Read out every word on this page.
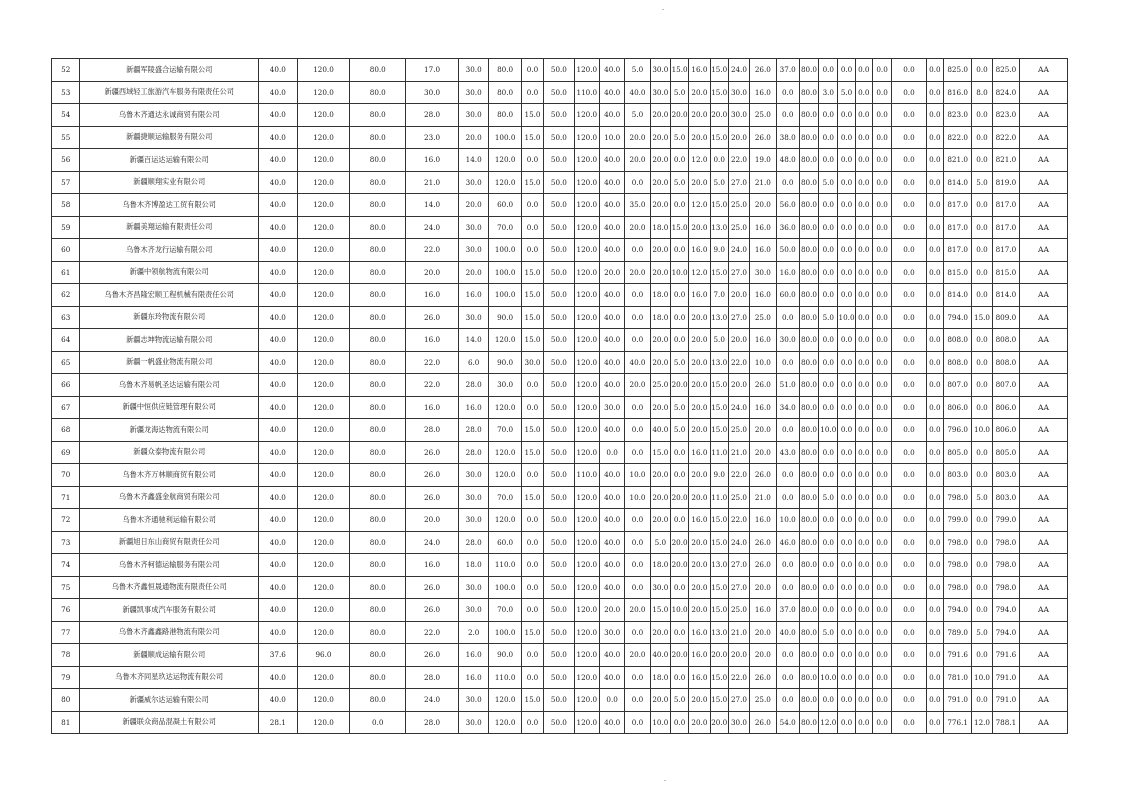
52	新疆军陵盛合运输有限公司	40.0	120.0	80.0	17.0	30.0	80.0	0.0	50.0	120.0	40.0	5.0	30.0	15.0	16.0	15.0	24.0	26.0	37.0	80.0	0.0	0.0	0.0	0.0	0.0	0.0	825.0	0.0	825.0	AA
53	新疆西域轻工旅游汽车服务有限责任公司	40.0	120.0	80.0	30.0	30.0	80.0	0.0	50.0	110.0	40.0	40.0	30.0	5.0	20.0	15.0	30.0	16.0	0.0	80.0	3.0	5.0	0.0	0.0	0.0	0.0	816.0	8.0	824.0	AA
54	乌鲁木齐通达永诚商贸有限公司	40.0	120.0	80.0	28.0	30.0	80.0	15.0	50.0	120.0	40.0	5.0	20.0	20.0	20.0	20.0	30.0	25.0	0.0	80.0	0.0	0.0	0.0	0.0	0.0	0.0	823.0	0.0	823.0	AA
55	新疆捷顺运输服务有限公司	40.0	120.0	80.0	23.0	20.0	100.0	15.0	50.0	120.0	10.0	20.0	20.0	5.0	20.0	15.0	20.0	26.0	38.0	80.0	0.0	0.0	0.0	0.0	0.0	0.0	822.0	0.0	822.0	AA
56	新疆百运达运输有限公司	40.0	120.0	80.0	16.0	14.0	120.0	0.0	50.0	120.0	40.0	20.0	20.0	0.0	12.0	0.0	22.0	19.0	48.0	80.0	0.0	0.0	0.0	0.0	0.0	0.0	821.0	0.0	821.0	AA
57	新疆顺翔实业有限公司	40.0	120.0	80.0	21.0	30.0	120.0	15.0	50.0	120.0	40.0	0.0	20.0	5.0	20.0	5.0	27.0	21.0	0.0	80.0	5.0	0.0	0.0	0.0	0.0	0.0	814.0	5.0	819.0	AA
58	乌鲁木齐博盈达工贸有限公司	40.0	120.0	80.0	14.0	20.0	60.0	0.0	50.0	120.0	40.0	35.0	20.0	0.0	12.0	15.0	25.0	20.0	56.0	80.0	0.0	0.0	0.0	0.0	0.0	0.0	817.0	0.0	817.0	AA
59	新疆美翔运输有限责任公司	40.0	120.0	80.0	24.0	30.0	70.0	0.0	50.0	120.0	40.0	20.0	18.0	15.0	20.0	13.0	25.0	16.0	36.0	80.0	0.0	0.0	0.0	0.0	0.0	0.0	817.0	0.0	817.0	AA
60	乌鲁木齐龙行运输有限公司	40.0	120.0	80.0	22.0	30.0	100.0	0.0	50.0	120.0	40.0	0.0	20.0	0.0	16.0	9.0	24.0	16.0	50.0	80.0	0.0	0.0	0.0	0.0	0.0	0.0	817.0	0.0	817.0	AA
61	新疆中领航物流有限公司	40.0	120.0	80.0	20.0	20.0	100.0	15.0	50.0	120.0	20.0	20.0	20.0	10.0	12.0	15.0	27.0	30.0	16.0	80.0	0.0	0.0	0.0	0.0	0.0	0.0	815.0	0.0	815.0	AA
62	乌鲁木齐昌隆宏顺工程机械有限责任公司	40.0	120.0	80.0	16.0	16.0	100.0	15.0	50.0	120.0	40.0	0.0	18.0	0.0	16.0	7.0	20.0	16.0	60.0	80.0	0.0	0.0	0.0	0.0	0.0	0.0	814.0	0.0	814.0	AA
63	新疆东玲物流有限公司	40.0	120.0	80.0	26.0	30.0	90.0	15.0	50.0	120.0	40.0	0.0	18.0	0.0	20.0	13.0	27.0	25.0	0.0	80.0	5.0	10.0	0.0	0.0	0.0	0.0	794.0	15.0	809.0	AA
64	新疆志坤物流运输有限公司	40.0	120.0	80.0	16.0	14.0	120.0	15.0	50.0	120.0	40.0	0.0	20.0	0.0	20.0	5.0	20.0	16.0	30.0	80.0	0.0	0.0	0.0	0.0	0.0	0.0	808.0	0.0	808.0	AA
65	新疆一帆盛业物流有限公司	40.0	120.0	80.0	22.0	6.0	90.0	30.0	50.0	120.0	40.0	40.0	20.0	5.0	20.0	13.0	22.0	10.0	0.0	80.0	0.0	0.0	0.0	0.0	0.0	0.0	808.0	0.0	808.0	AA
66	乌鲁木齐易帆圣达运输有限公司	40.0	120.0	80.0	22.0	28.0	30.0	0.0	50.0	120.0	40.0	20.0	25.0	20.0	20.0	15.0	20.0	26.0	51.0	80.0	0.0	0.0	0.0	0.0	0.0	0.0	807.0	0.0	807.0	AA
67	新疆中恒供应链管理有限公司	40.0	120.0	80.0	16.0	16.0	120.0	0.0	50.0	120.0	30.0	0.0	20.0	5.0	20.0	15.0	24.0	16.0	34.0	80.0	0.0	0.0	0.0	0.0	0.0	0.0	806.0	0.0	806.0	AA
68	新疆龙海达物流有限公司	40.0	120.0	80.0	28.0	28.0	70.0	15.0	50.0	120.0	40.0	0.0	40.0	5.0	20.0	15.0	25.0	20.0	0.0	80.0	10.0	0.0	0.0	0.0	0.0	0.0	796.0	10.0	806.0	AA
69	新疆众泰物流有限公司	40.0	120.0	80.0	26.0	28.0	120.0	15.0	50.0	120.0	0.0	0.0	15.0	0.0	16.0	11.0	21.0	20.0	43.0	80.0	0.0	0.0	0.0	0.0	0.0	0.0	805.0	0.0	805.0	AA
70	乌鲁木齐万林顺商贸有限公司	40.0	120.0	80.0	26.0	30.0	120.0	0.0	50.0	110.0	40.0	10.0	20.0	0.0	20.0	9.0	22.0	26.0	0.0	80.0	0.0	0.0	0.0	0.0	0.0	0.0	803.0	0.0	803.0	AA
71	乌鲁木齐鑫盛金航商贸有限公司	40.0	120.0	80.0	26.0	30.0	70.0	15.0	50.0	120.0	40.0	10.0	20.0	20.0	20.0	11.0	25.0	21.0	0.0	80.0	5.0	0.0	0.0	0.0	0.0	0.0	798.0	5.0	803.0	AA
72	乌鲁木齐通驰利运输有限公司	40.0	120.0	80.0	20.0	30.0	120.0	0.0	50.0	120.0	40.0	0.0	20.0	0.0	16.0	15.0	22.0	16.0	10.0	80.0	0.0	0.0	0.0	0.0	0.0	0.0	799.0	0.0	799.0	AA
73	新疆旭日东山商贸有限责任公司	40.0	120.0	80.0	24.0	28.0	60.0	0.0	50.0	120.0	40.0	0.0	5.0	20.0	20.0	15.0	24.0	26.0	46.0	80.0	0.0	0.0	0.0	0.0	0.0	0.0	798.0	0.0	798.0	AA
74	乌鲁木齐柯德运输服务有限公司	40.0	120.0	80.0	16.0	18.0	110.0	0.0	50.0	120.0	40.0	0.0	18.0	20.0	20.0	13.0	27.0	26.0	0.0	80.0	0.0	0.0	0.0	0.0	0.0	0.0	798.0	0.0	798.0	AA
75	乌鲁木齐鑫恒晟通物流有限责任公司	40.0	120.0	80.0	26.0	30.0	100.0	0.0	50.0	120.0	40.0	0.0	30.0	0.0	20.0	15.0	27.0	20.0	0.0	80.0	0.0	0.0	0.0	0.0	0.0	0.0	798.0	0.0	798.0	AA
76	新疆凯事成汽车服务有限公司	40.0	120.0	80.0	26.0	30.0	70.0	0.0	50.0	120.0	20.0	20.0	15.0	10.0	20.0	15.0	25.0	16.0	37.0	80.0	0.0	0.0	0.0	0.0	0.0	0.0	794.0	0.0	794.0	AA
77	乌鲁木齐鑫鑫路港物流有限公司	40.0	120.0	80.0	22.0	2.0	100.0	15.0	50.0	120.0	30.0	0.0	20.0	0.0	16.0	13.0	21.0	20.0	40.0	80.0	5.0	0.0	0.0	0.0	0.0	0.0	789.0	5.0	794.0	AA
78	新疆顺成运输有限公司	37.6	96.0	80.0	26.0	16.0	90.0	0.0	50.0	120.0	40.0	20.0	40.0	20.0	16.0	20.0	20.0	20.0	0.0	80.0	0.0	0.0	0.0	0.0	0.0	0.0	791.6	0.0	791.6	AA
79	乌鲁木齐同星玖达运物流有限公司	40.0	120.0	80.0	28.0	16.0	110.0	0.0	50.0	120.0	40.0	0.0	18.0	0.0	16.0	15.0	22.0	26.0	0.0	80.0	10.0	0.0	0.0	0.0	0.0	0.0	781.0	10.0	791.0	AA
80	新疆威尔达运输有限公司	40.0	120.0	80.0	24.0	30.0	120.0	15.0	50.0	120.0	0.0	0.0	20.0	5.0	20.0	15.0	27.0	25.0	0.0	80.0	0.0	0.0	0.0	0.0	0.0	0.0	791.0	0.0	791.0	AA
81	新疆联众商品混凝土有限公司	28.1	120.0	0.0	28.0	30.0	120.0	0.0	50.0	120.0	40.0	0.0	10.0	0.0	20.0	20.0	30.0	26.0	54.0	80.0	12.0	0.0	0.0	0.0	0.0	0.0	776.1	12.0	788.1	AA
